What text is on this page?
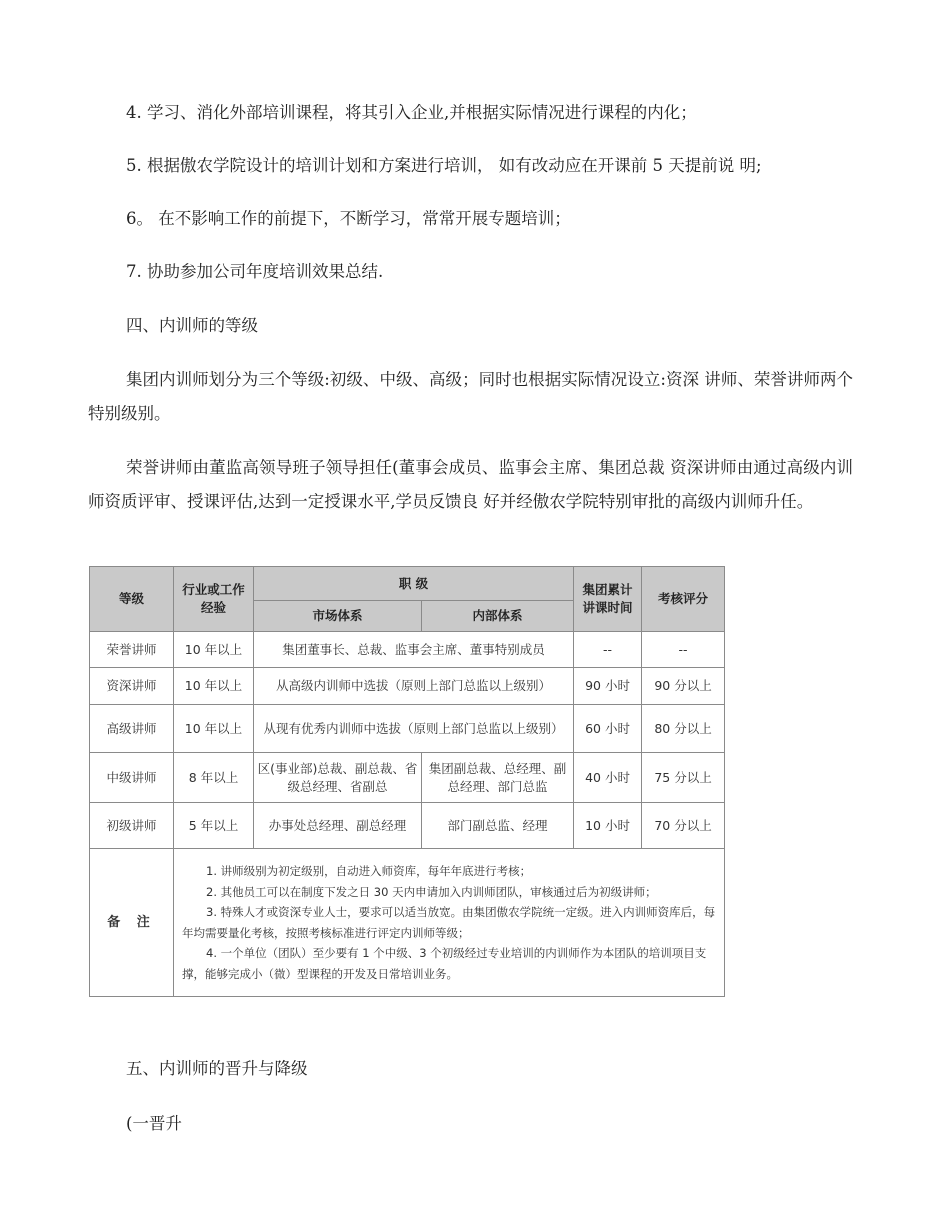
4. 学习、消化外部培训课程，将其引入企业,并根据实际情况进行课程的内化；

5. 根据傲农学院设计的培训计划和方案进行培训， 如有改动应在开课前 5 天提前说 明;

6。 在不影响工作的前提下，不断学习，常常开展专题培训；

7. 协助参加公司年度培训效果总结.

四、内训师的等级

集团内训师划分为三个等级:初级、中级、高级；同时也根据实际情况设立:资深 讲师、荣誉讲师两个特别级别。

荣誉讲师由董监高领导班子领导担任(董事会成员、监事会主席、集团总裁 资深讲师由通过高级内训师资质评审、授课评估,达到一定授课水平,学员反馈良 好并经傲农学院特别审批的高级内训师升任。

等级	行业或工作经验	职 级		集团累计讲课时间	考核评分
		市场体系	内部体系		
荣誉讲师	10 年以上	集团董事长、总裁、监事会主席、董事特别成员		--	--
资深讲师	10 年以上	从高级内训师中选拔（原则上部门总监以上级别）		90 小时	90 分以上
高级讲师	10 年以上	从现有优秀内训师中选拔（原则上部门总监以上级别）		60 小时	80 分以上
中级讲师	8 年以上	区(事业部)总裁、副总裁、省级总经理、省副总	集团副总裁、总经理、副总经理、部门总监	40 小时	75 分以上
初级讲师	5 年以上	办事处总经理、副总经理	部门副总监、经理	10 小时	70 分以上
备 注	1. 讲师级别为初定级别，自动进入师资库，每年年底进行考核；

2. 其他员工可以在制度下发之日 30 天内申请加入内训师团队，审核通过后为初级讲师；

3. 特殊人才或资深专业人士，要求可以适当放宽。由集团傲农学院统一定级。进入内训师资库后，每年均需要量化考核，按照考核标准进行评定内训师等级；

4. 一个单位（团队）至少要有 1 个中级、3 个初级经过专业培训的内训师作为本团队的培训项目支撑，能够完成小（微）型课程的开发及日常培训业务。				

五、内训师的晋升与降级

(一晋升
